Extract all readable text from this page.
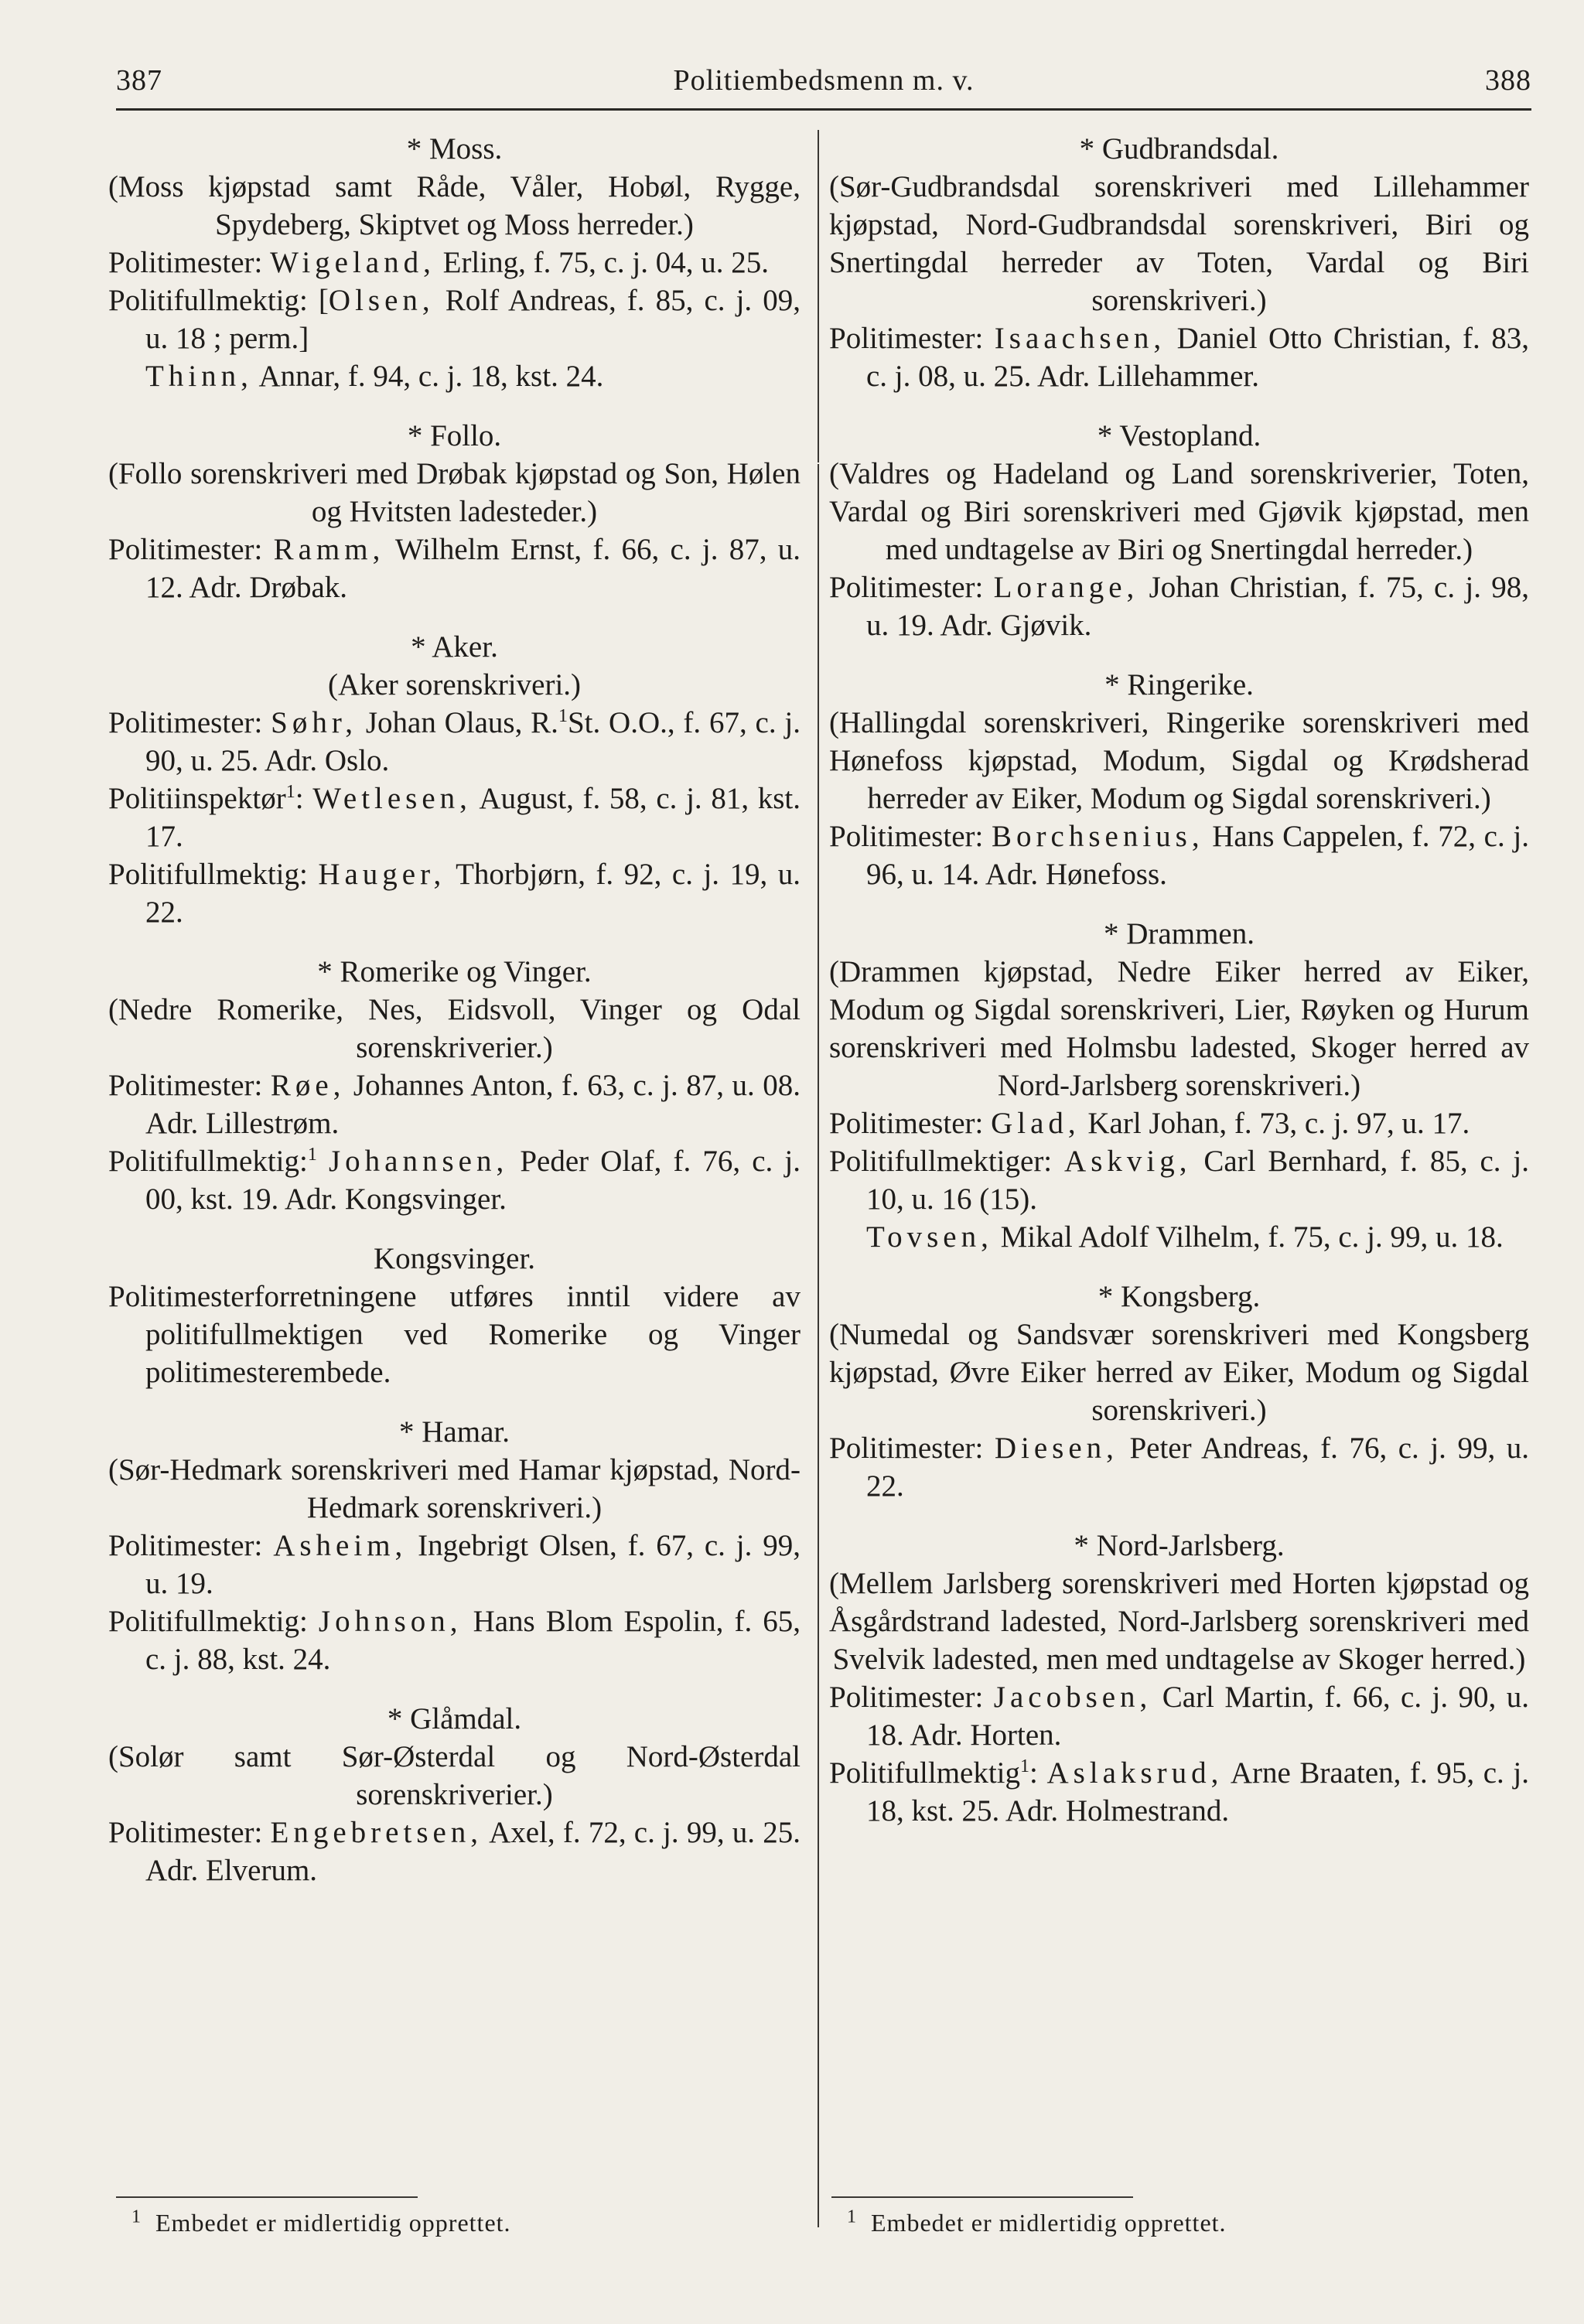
387	Politiembedsmenn m. v.	388

* Moss.

(Moss kjøpstad samt Råde, Våler, Hobøl, Rygge, Spydeberg, Skiptvet og Moss herreder.)

Politimester: Wigeland, Erling, f. 75, c. j. 04, u. 25.

Politifullmektig: [Olsen, Rolf Andreas, f. 85, c. j. 09, u. 18 ; perm.]

Thinn, Annar, f. 94, c. j. 18, kst. 24.

* Follo.

(Follo sorenskriveri med Drøbak kjøpstad og Son, Hølen og Hvitsten ladesteder.)

Politimester: Ramm, Wilhelm Ernst, f. 66, c. j. 87, u. 12. Adr. Drøbak.

* Aker.

(Aker sorenskriveri.)

Politimester: Søhr, Johan Olaus, R.$^1$St. O.O., f. 67, c. j. 90, u. 25. Adr. Oslo.

Politiinspektør$^1$: Wetlesen, August, f. 58, c. j. 81, kst. 17.

Politifullmektig: Hauger, Thorbjørn, f. 92, c. j. 19, u. 22.

* Romerike og Vinger.

(Nedre Romerike, Nes, Eidsvoll, Vinger og Odal sorenskriverier.)

Politimester: Røe, Johannes Anton, f. 63, c. j. 87, u. 08. Adr. Lillestrøm.

Politifullmektig:$^1$ Johannsen, Peder Olaf, f. 76, c. j. 00, kst. 19. Adr. Kongsvinger.

Kongsvinger.

Politimesterforretningene utføres inntil videre av politifullmektigen ved Romerike og Vinger politimesterembede.

* Hamar.

(Sør-Hedmark sorenskriveri med Hamar kjøpstad, Nord-Hedmark sorenskriveri.)

Politimester: Asheim, Ingebrigt Olsen, f. 67, c. j. 99, u. 19.

Politifullmektig: Johnson, Hans Blom Espolin, f. 65, c. j. 88, kst. 24.

* Glåmdal.

(Solør samt Sør-Østerdal og Nord-Østerdal sorenskriverier.)

Politimester: Engebretsen, Axel, f. 72, c. j. 99, u. 25. Adr. Elverum.

$^1$ Embedet er midlertidig opprettet.

* Gudbrandsdal.

(Sør-Gudbrandsdal sorenskriveri med Lillehammer kjøpstad, Nord-Gudbrandsdal sorenskriveri, Biri og Snertingdal herreder av Toten, Vardal og Biri sorenskriveri.)

Politimester: Isaachsen, Daniel Otto Christian, f. 83, c. j. 08, u. 25. Adr. Lillehammer.

* Vestopland.

(Valdres og Hadeland og Land sorenskriverier, Toten, Vardal og Biri sorenskriveri med Gjøvik kjøpstad, men med undtagelse av Biri og Snertingdal herreder.)

Politimester: Lorange, Johan Christian, f. 75, c. j. 98, u. 19. Adr. Gjøvik.

* Ringerike.

(Hallingdal sorenskriveri, Ringerike sorenskriveri med Hønefoss kjøpstad, Modum, Sigdal og Krødsherad herreder av Eiker, Modum og Sigdal sorenskriveri.)

Politimester: Borchsenius, Hans Cappelen, f. 72, c. j. 96, u. 14. Adr. Hønefoss.

* Drammen.

(Drammen kjøpstad, Nedre Eiker herred av Eiker, Modum og Sigdal sorenskriveri, Lier, Røyken og Hurum sorenskriveri med Holmsbu ladested, Skoger herred av Nord-Jarlsberg sorenskriveri.)

Politimester: Glad, Karl Johan, f. 73, c. j. 97, u. 17.

Politifullmektiger: Askvig, Carl Bernhard, f. 85, c. j. 10, u. 16 (15).

Tovsen, Mikal Adolf Vilhelm, f. 75, c. j. 99, u. 18.

* Kongsberg.

(Numedal og Sandsvær sorenskriveri med Kongsberg kjøpstad, Øvre Eiker herred av Eiker, Modum og Sigdal sorenskriveri.)

Politimester: Diesen, Peter Andreas, f. 76, c. j. 99, u. 22.

* Nord-Jarlsberg.

(Mellem Jarlsberg sorenskriveri med Horten kjøpstad og Åsgårdstrand ladested, Nord-Jarlsberg sorenskriveri med Svelvik ladested, men med undtagelse av Skoger herred.)

Politimester: Jacobsen, Carl Martin, f. 66, c. j. 90, u. 18. Adr. Horten.

Politifullmektig$^1$: Aslaksrud, Arne Braaten, f. 95, c. j. 18, kst. 25. Adr. Holmestrand.

$^1$ Embedet er midlertidig opprettet.
